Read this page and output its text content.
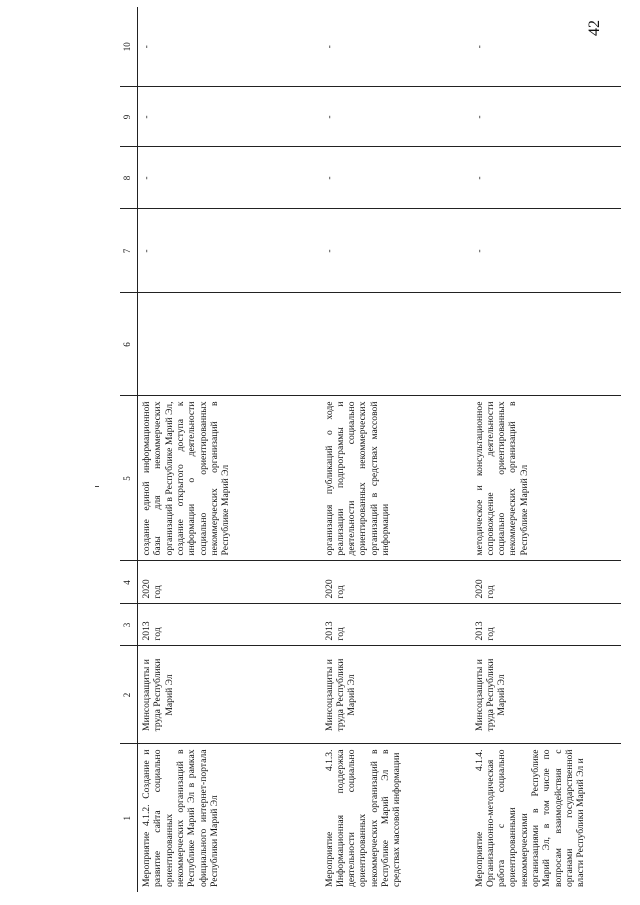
42
1	2	3	4	5	6	7	8	9	10
Мероприятие 4.1.2. Создание и развитие сайта социально ориентированных некоммерческих организаций в Республике Марий Эл в рамках официального интернет-портала Республики Марий Эл	Минсоцзащиты и труда Республики Марий Эл	2013 год	2020 год	создание единой информационной базы для некоммерческих организаций в Республике Марий Эл, создание открытого доступа к информации о деятельности социально ориентированных некоммерческих организаций в Республике Марий Эл		-	-	-	-
Мероприятие 4.1.3. Информационная поддержка деятельности социально ориентированных некоммерческих организаций в Республике Марий Эл в средствах массовой информации	Минсоцзащиты и труда Республики Марий Эл	2013 год	2020 год	организация публикаций о ходе реализации подпрограммы и деятельности социально ориентированных некоммерческих организаций в средствах массовой информации		-	-	-	-
Мероприятие 4.1.4. Организационно-методическая работа с социально ориентированными некоммерческими организациями в Республике Марий Эл, в том числе по вопросам взаимодействия с органами государственной власти Республики Марий Эл и	Минсоцзащиты и труда Республики Марий Эл	2013 год	2020 год	методическое и консультационное сопровождение деятельности социально ориентированных некоммерческих организаций в Республике Марий Эл		-	-	-	-
